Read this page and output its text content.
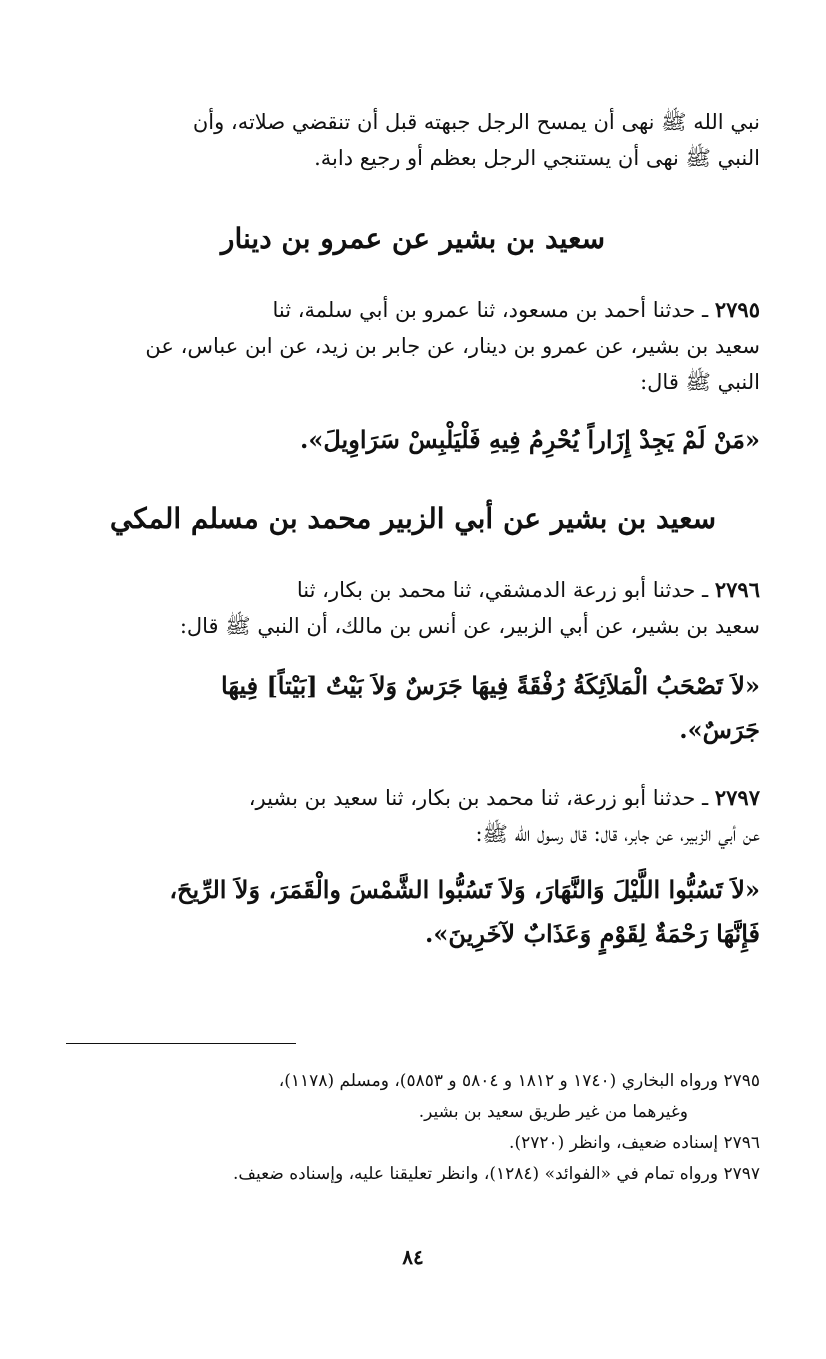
نبي الله ﷺ نهى أن يمسح الرجل جبهته قبل أن تنقضي صلاته، وأن
النبي ﷺ نهى أن يستنجي الرجل بعظم أو رجيع دابة.
سعيد بن بشير عن عمرو بن دينار
٢٧٩٥ ـ حدثنا أحمد بن مسعود، ثنا عمرو بن أبي سلمة، ثنا
سعيد بن بشير، عن عمرو بن دينار، عن جابر بن زيد، عن ابن عباس، عن
النبي ﷺ قال:
«مَنْ لَمْ يَجِدْ إِزَاراً يُحْرِمُ فِيهِ فَلْيَلْبِسْ سَرَاوِيلَ».
سعيد بن بشير عن أبي الزبير محمد بن مسلم المكي
٢٧٩٦ ـ حدثنا أبو زرعة الدمشقي، ثنا محمد بن بكار، ثنا
سعيد بن بشير، عن أبي الزبير، عن أنس بن مالك، أن النبي ﷺ قال:
«لاَ تَصْحَبُ الْمَلاَئِكَةُ رُفْقَةً فِيهَا جَرَسٌ وَلاَ بَيْتٌ [بَيْتاً] فِيهَا
جَرَسٌ».
٢٧٩٧ ـ حدثنا أبو زرعة، ثنا محمد بن بكار، ثنا سعيد بن بشير،
عن أبي الزبير، عن جابر، قال: قال رسول الله ﷺ:
«لاَ تَسُبُّوا اللَّيْلَ وَالنَّهَارَ، وَلاَ تَسُبُّوا الشَّمْسَ والْقَمَرَ، وَلاَ الرِّيحَ،
فَإِنَّهَا رَحْمَةٌ لِقَوْمٍ وَعَذَابٌ لآخَرِينَ».
٢٧٩٥ ورواه البخاري (١٧٤٠ و ١٨١٢ و ٥٨٠٤ و ٥٨٥٣)، ومسلم (١١٧٨)،
وغيرهما من غير طريق سعيد بن بشير.
٢٧٩٦ إسناده ضعيف، وانظر (٢٧٢٠).
٢٧٩٧ ورواه تمام في «الفوائد» (١٢٨٤)، وانظر تعليقنا عليه، وإسناده ضعيف.
٨٤
